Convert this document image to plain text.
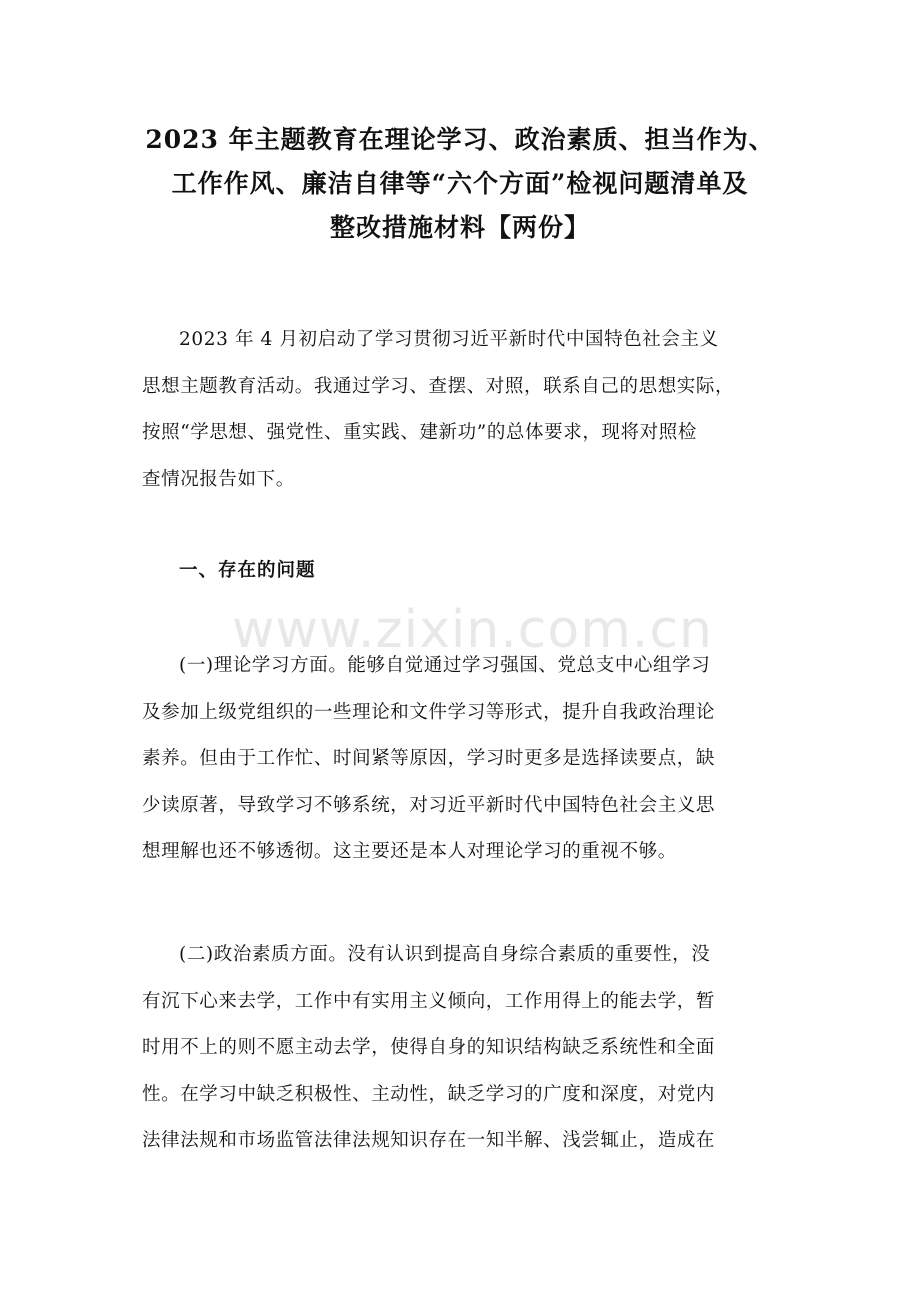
2023 年主题教育在理论学习、政治素质、担当作为、
工作作风、廉洁自律等“六个方面”检视问题清单及
整改措施材料【两份】

2023 年 4 月初启动了学习贯彻习近平新时代中国特色社会主义
思想主题教育活动。我通过学习、查摆、对照，联系自己的思想实际，
按照“学思想、强党性、重实践、建新功”的总体要求，现将对照检
查情况报告如下。

一、存在的问题
www.zixin.com.cn

(一)理论学习方面。能够自觉通过学习强国、党总支中心组学习
及参加上级党组织的一些理论和文件学习等形式，提升自我政治理论
素养。但由于工作忙、时间紧等原因，学习时更多是选择读要点，缺
少读原著，导致学习不够系统，对习近平新时代中国特色社会主义思
想理解也还不够透彻。这主要还是本人对理论学习的重视不够。

(二)政治素质方面。没有认识到提高自身综合素质的重要性，没
有沉下心来去学，工作中有实用主义倾向，工作用得上的能去学，暂
时用不上的则不愿主动去学，使得自身的知识结构缺乏系统性和全面
性。在学习中缺乏积极性、主动性，缺乏学习的广度和深度，对党内
法律法规和市场监管法律法规知识存在一知半解、浅尝辄止，造成在
